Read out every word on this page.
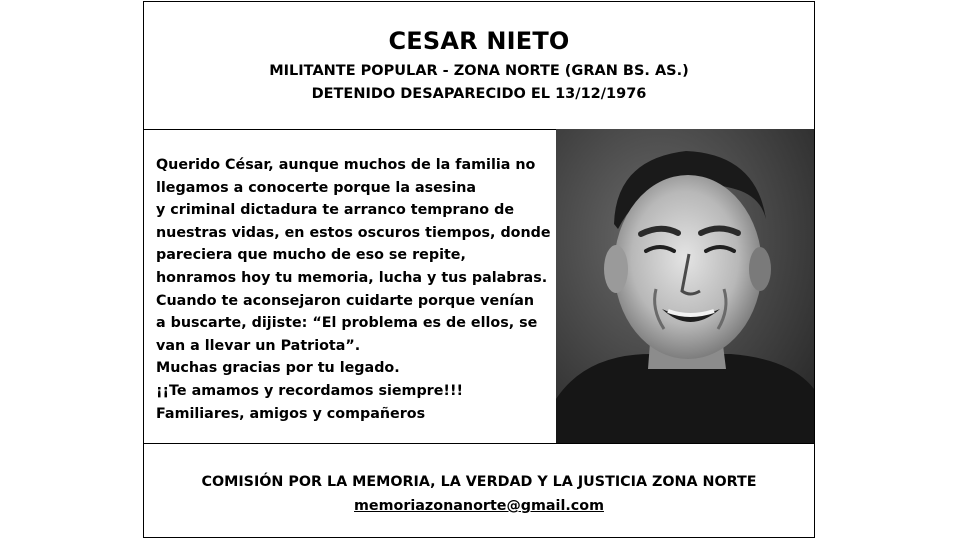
CESAR NIETO
MILITANTE POPULAR - ZONA NORTE (GRAN BS. AS.)
DETENIDO DESAPARECIDO EL 13/12/1976
Querido César, aunque muchos de la familia no
llegamos a conocerte porque la asesina
y criminal dictadura te arranco temprano de
nuestras vidas, en estos oscuros tiempos, donde
pareciera que mucho de eso se repite,
honramos hoy tu memoria, lucha y tus palabras.
Cuando te aconsejaron cuidarte porque venían
a buscarte, dijiste: “El problema es de ellos, se
van a llevar un Patriota”.
Muchas gracias por tu legado.
¡¡Te amamos y recordamos siempre!!!
Familiares, amigos y compañeros
COMISIÓN POR LA MEMORIA, LA VERDAD Y LA JUSTICIA ZONA NORTE
memoriazonanorte@gmail.com
